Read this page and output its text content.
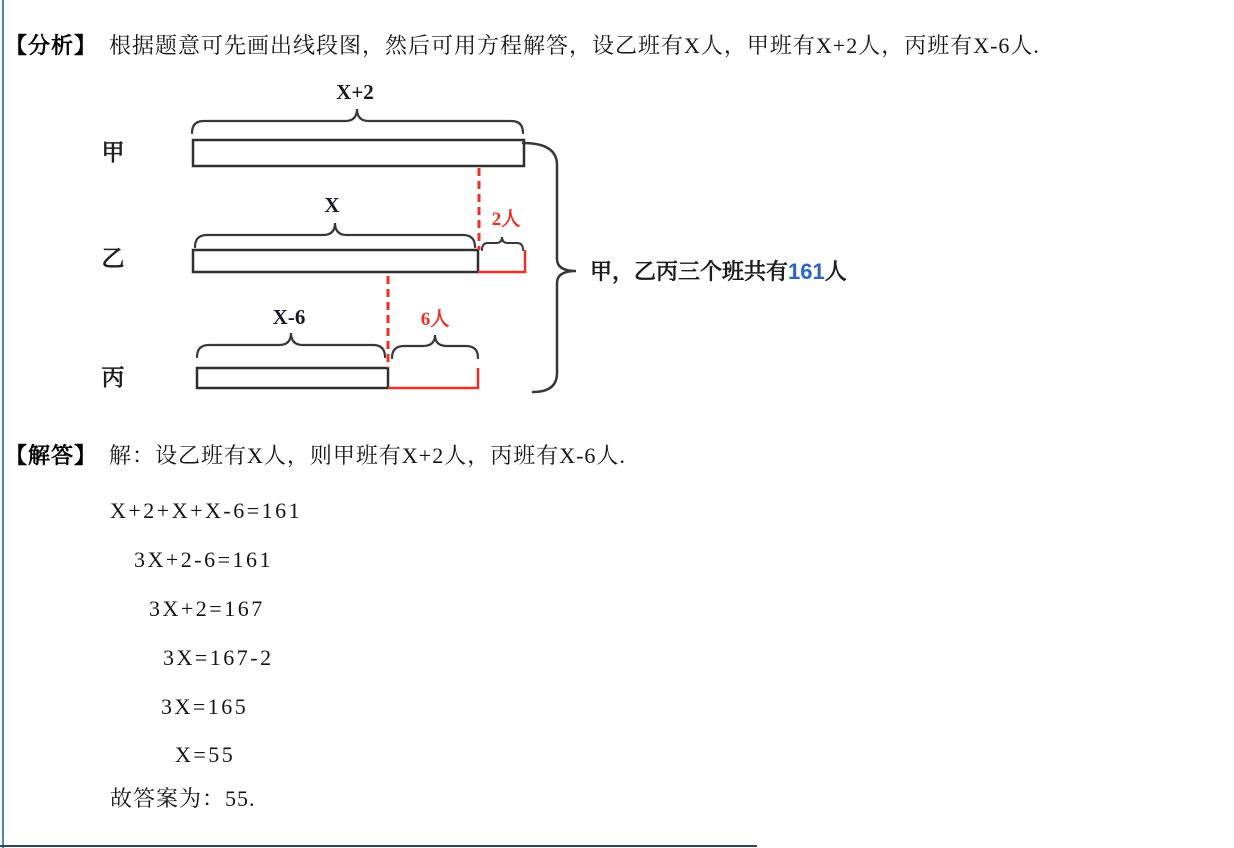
【分析】 根据题意可先画出线段图，然后可用方程解答，设乙班有X人，甲班有X+2人，丙班有X-6人.
甲
乙
丙
X+2
X
X-6
2人
6人
甲，乙丙三个班共有161人
【解答】 解：设乙班有X人，则甲班有X+2人，丙班有X-6人.
X+2+X+X-6=161
3X+2-6=161
3X+2=167
3X=167-2
3X=165
X=55
故答案为：55.
